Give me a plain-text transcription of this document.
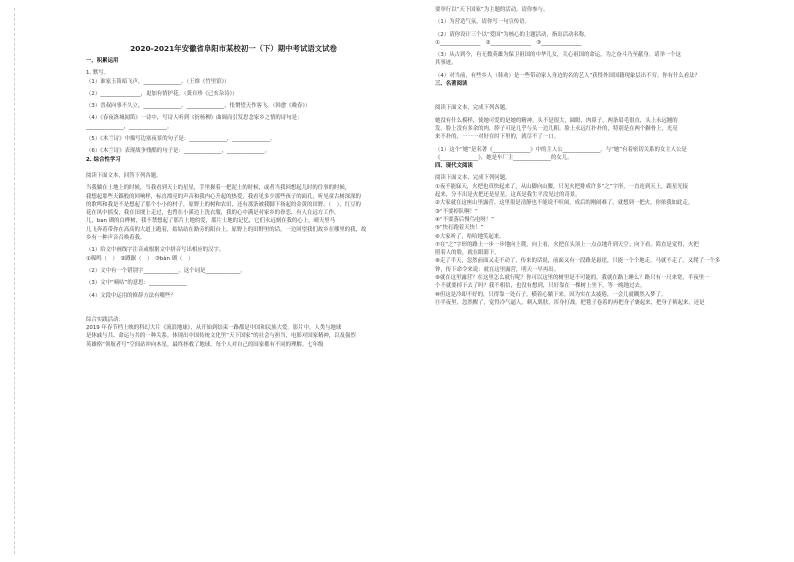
2020-2021年安徽省阜阳市某校初一（下）期中考试语文试卷
一、积累运用
1. 默写。
（1）谁家玉笛暗飞声，______________。（王维《竹里馆》）
（2）_______________，更加有情护花。（龚自珍《己亥杂诗》）
（3）晋叔向事不久立，______________。______________，怅惘望天作客飞。（韩愈《晚春》）
（4）《春夜洛城闻笛》一诗中，写诗人听到《折杨柳》曲调而引发思念家乡之情的诗句是：
______________，______________。
（5）《木兰诗》中描写边塞夜景的句子是：______________，______________。
（6）《木兰诗》表现战争残酷的句子是：______________，______________。
2. 综合性学习
阅读下面文本，回答下列各题。
当我躺在土地上的时候，当我看到天上的星星，手里握着一把泥土的时候，或者当我回想起儿时的往事的时候，
我想起那些天籁般的回响样，标直漂亮的声音和我内心升起的热爱，我看见多少那些孩子的面孔，听见童古树深深的
的歌鸣和我是不是想起了那个小小的村子，原野上的树和农田，还有那条被我脚下扬起的金黄的田野。（　），红豆的
花在风中摇曳，我在田埂上走过，也曾在小溪边上洗衣服，我的心中满是对家乡的眷恋，有人在远方工作，
儿，ban 瑚的白桦树，我不禁想起了那片土地的爱，那片土地的记忆，它们永远刻在我的心上，晴天里马
儿飞奔着带你在高高的大道上跑着，姑姑站在路旁的阳台上，原野上的田野里的话，一边回望我们故乡在哪里的我，故
乡有一种声音召唤着我。
（1）给文中画线字注音或根据文中拼音写出相应的汉字。
①嗥鸣（　）　②蹲踞（　）　③bàn 瑚（　）
（2）文中有一个错别字_____________，这个词是_____________。
（3）文中“嘀咕”的意思：______________
（4）文段中运用的修辞方法有哪些？
综合实践活动：
2019 年春节档上映的科幻大片《流浪地球》，从开始到结束一路都是中国和民族大爱。影片中，人类与地球
是休戚与共、命运与共的一种关系。体现出中国传统文化里“天下国家”的社会与担当，电影对国家精神，以及强烈
英雄格“领航者号”空间站冲向木星，最终拯救了地球。每个人对自己的国家都有不同的理解。七年级
要举行以“天下国家”为主题的活动，请你参与。
（1）为营造气氛，请你写一句宣传语。
（2）请你设计三个以“爱国”为核心的主题活动，指出活动名称。
①_______________　②_______________　③_______________
（3）从古到今，有无数英雄为保卫祖国的中华儿女，关心祖国的命运，为之奋斗乃至献身。请举一个这
其事迹。
（4）对当前，有些乡人（韩劝）是一些带动家人身边的名的艺人”获得外国国籍现象层出不穷。你有什么看法？
三、名著阅读
阅读下面文本，完成下列各题。
她没有什么模样，使她可爱的是她的精神。头不是很大，圆眼，肉鼻子，两条眉毛很直，头上永远翘的
发。脸上没有多余的肉，脖子可是几乎与头一边儿粗。脸上永远红扑扑的，特别是在两个颧骨上，光亮
来不扑的，一一一对好在时下里的，就尽不了一口。
（1）这个“她”是名著《______________》中的主人公______________。与“她”有着密切关系的女主人公是
《______________》，她是车厂主______________的女儿。
四、现代文阅读
阅读下面文本，完成下列问题。
①夜不能寐天，火把也真快起来了，从山脚向山腰，只见火把排成许多“之”字形，一直连到天上，跟星光接
起来，分不出是火把还是星星。这真是我生平没见过的奇景。
②大家就在这座山里露营。这里很是清静也不能说不喧闹，成后的刚闹难了。就想到一把火，你依我如此走。
③“不要掉队啊！”
④“不要落后慢鸟电呀！”
⑤“快打跑着天快！”
⑥大家听了，哈哈地笑起来。
⑦在“之”字形的路上一步一步地向上爬。向上看，火把在头顶上一点点地升到天空；向下看，简直是觉得，火把
照着人的脸，就在眼睛下。
⑧走了半天，忽然前面又走不动了，传来的话说，前面又有一段路是悬崖，只能一个个地走。马就不走了。又爬了一个多
钟，传下命令来说：就在这里露营，明天一早再出。
⑨就在这里露营？在这里怎么就行呢？你可以这里的树里是不可能的。我就在路上睡么？路只有一尺来宽，半夜里一
个不就要掉下去了吗？我不相信，也没有想到，只好靠在一棵树上坐下，等一晚地过去。
⑩但这是冷却不好的，只得靠一处石子，横着心躺下来。因为实在太疲倦，一会儿就糊然入梦了。
⑪半夜里，忽然醒了，觉得冷气逼人，刺入肌肤，浑身打战。把毯子卷着的再把身子裹起来，把身子裤起来，还是
